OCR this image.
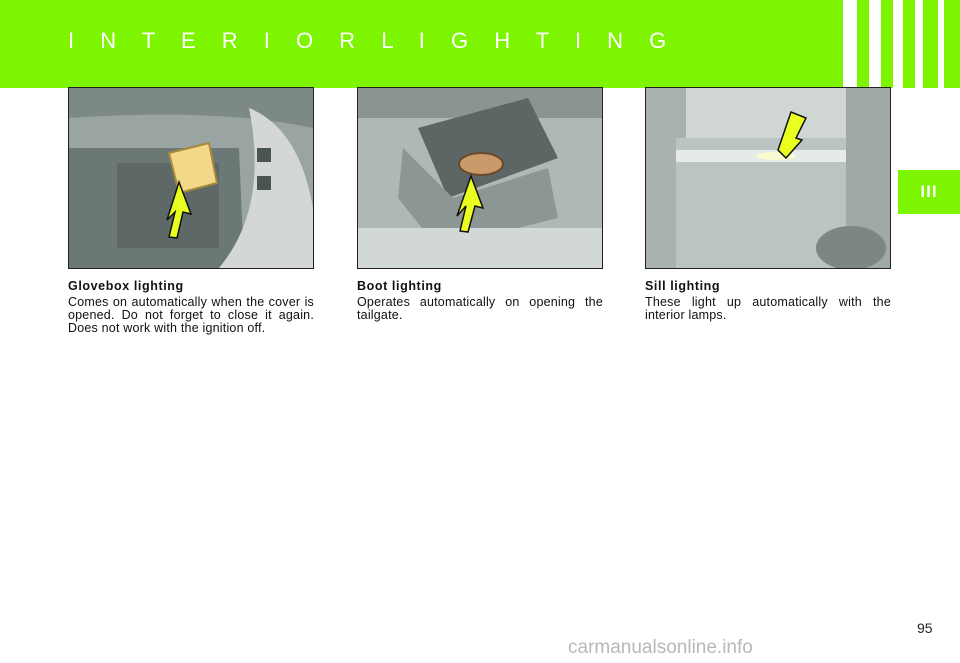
I N T E R I O R L I G H T I N G
III
Glovebox lighting
Comes on automatically when the cover is opened. Do not forget to close it again. Does not work with the ignition off.
Boot lighting
Operates automatically on opening the tailgate.
Sill lighting
These light up automatically with the interior lamps.
95
carmanualsonline.info
